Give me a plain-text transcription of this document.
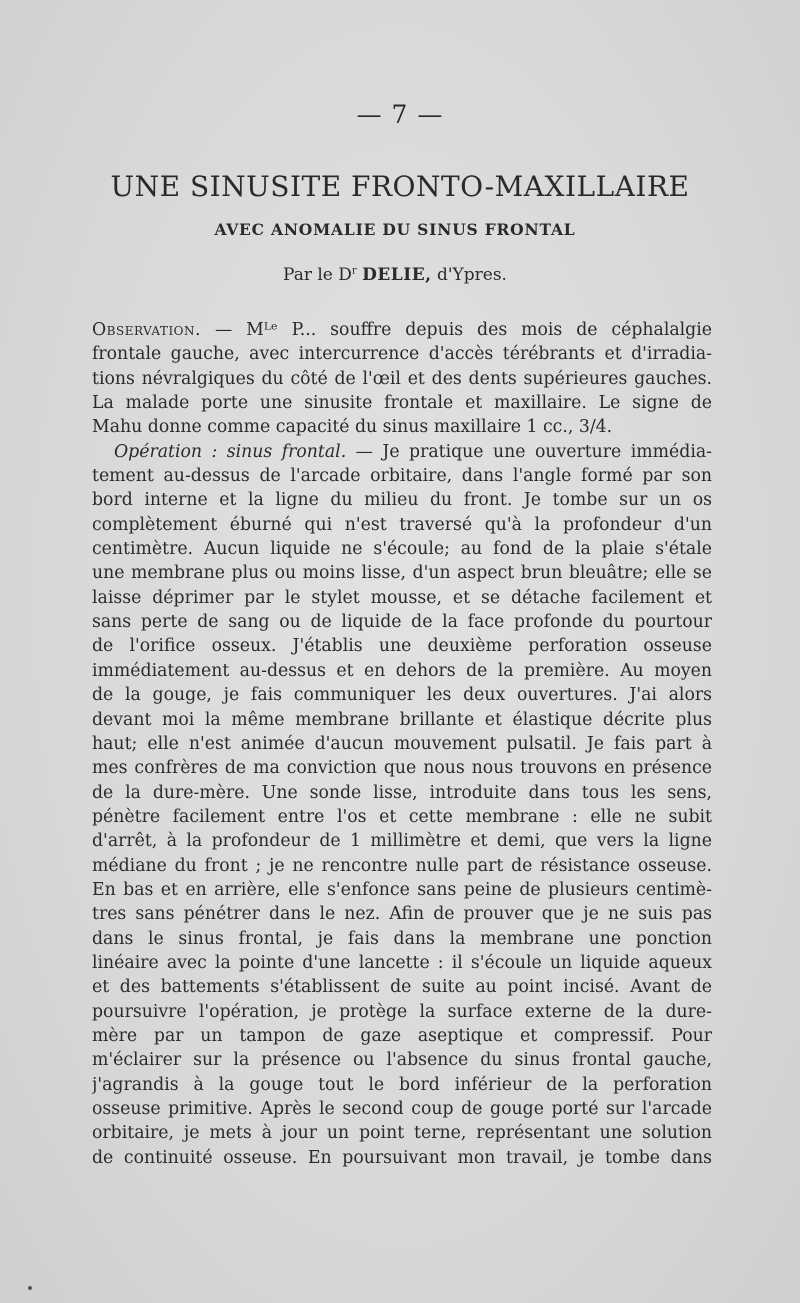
— 7 —
UNE SINUSITE FRONTO-MAXILLAIRE
AVEC ANOMALIE DU SINUS FRONTAL
Par le $D^r$ DELIE, d'Ypres.
Observation. — Mᴸᵉ P... souffre depuis des mois de céphalalgie
frontale gauche, avec intercurrence d'accès térébrants et d'irradia-
tions névralgiques du côté de l'œil et des dents supérieures gauches.
La malade porte une sinusite frontale et maxillaire. Le signe de
Mahu donne comme capacité du sinus maxillaire 1 cc., 3/4.
Opération : sinus frontal. — Je pratique une ouverture immédia-
tement au-dessus de l'arcade orbitaire, dans l'angle formé par son
bord interne et la ligne du milieu du front. Je tombe sur un os
complètement éburné qui n'est traversé qu'à la profondeur d'un
centimètre. Aucun liquide ne s'écoule; au fond de la plaie s'étale
une membrane plus ou moins lisse, d'un aspect brun bleuâtre; elle se
laisse déprimer par le stylet mousse, et se détache facilement et
sans perte de sang ou de liquide de la face profonde du pourtour
de l'orifice osseux. J'établis une deuxième perforation osseuse
immédiatement au-dessus et en dehors de la première. Au moyen
de la gouge, je fais communiquer les deux ouvertures. J'ai alors
devant moi la même membrane brillante et élastique décrite plus
haut; elle n'est animée d'aucun mouvement pulsatil. Je fais part à
mes confrères de ma conviction que nous nous trouvons en présence
de la dure-mère. Une sonde lisse, introduite dans tous les sens,
pénètre facilement entre l'os et cette membrane : elle ne subit
d'arrêt, à la profondeur de 1 millimètre et demi, que vers la ligne
médiane du front ; je ne rencontre nulle part de résistance osseuse.
En bas et en arrière, elle s'enfonce sans peine de plusieurs centimè-
tres sans pénétrer dans le nez. Afin de prouver que je ne suis pas
dans le sinus frontal, je fais dans la membrane une ponction
linéaire avec la pointe d'une lancette : il s'écoule un liquide aqueux
et des battements s'établissent de suite au point incisé. Avant de
poursuivre l'opération, je protège la surface externe de la dure-
mère par un tampon de gaze aseptique et compressif. Pour
m'éclairer sur la présence ou l'absence du sinus frontal gauche,
j'agrandis à la gouge tout le bord inférieur de la perforation
osseuse primitive. Après le second coup de gouge porté sur l'arcade
orbitaire, je mets à jour un point terne, représentant une solution
de continuité osseuse. En poursuivant mon travail, je tombe dans
